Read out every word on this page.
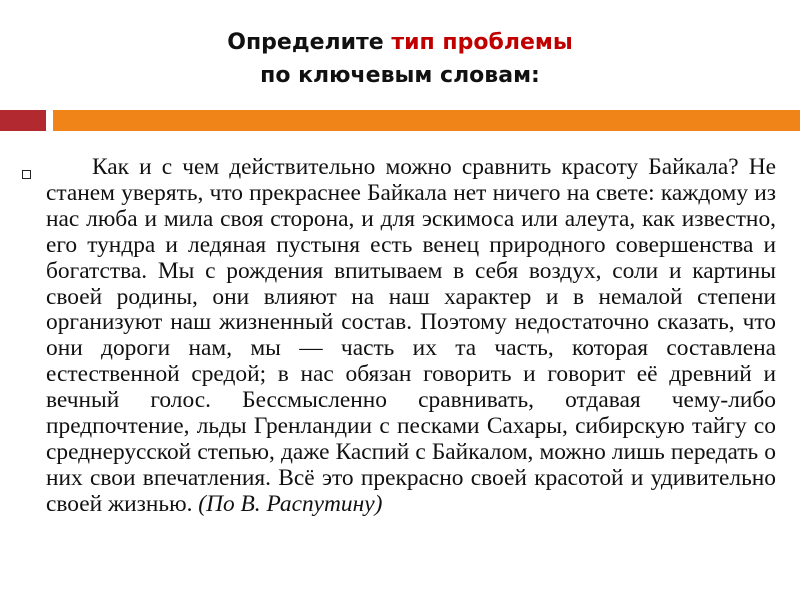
Определите тип проблемы
по ключевым словам:

Как и с чем действительно можно сравнить красоту Байкала? Не станем уверять, что прекраснее Байкала нет ничего на свете: каждому из нас люба и мила своя сторона, и для эскимоса или алеута, как известно, его тундра и ледяная пустыня есть венец природного совершенства и богатства. Мы с рождения впитываем в себя воздух, соли и картины своей родины, они влияют на наш характер и в немалой степени организуют наш жизненный состав. Поэтому недостаточно сказать, что они дороги нам, мы — часть их та часть, которая составлена естественной средой; в нас обязан говорить и говорит её древний и вечный голос. Бессмысленно сравнивать, отдавая чему-либо предпочтение, льды Гренландии с песками Сахары, сибирскую тайгу со среднерусской степью, даже Каспий с Байкалом, можно лишь передать о них свои впечатления. Всё это прекрасно своей красотой и удивительно своей жизнью. (По В. Распутину)
